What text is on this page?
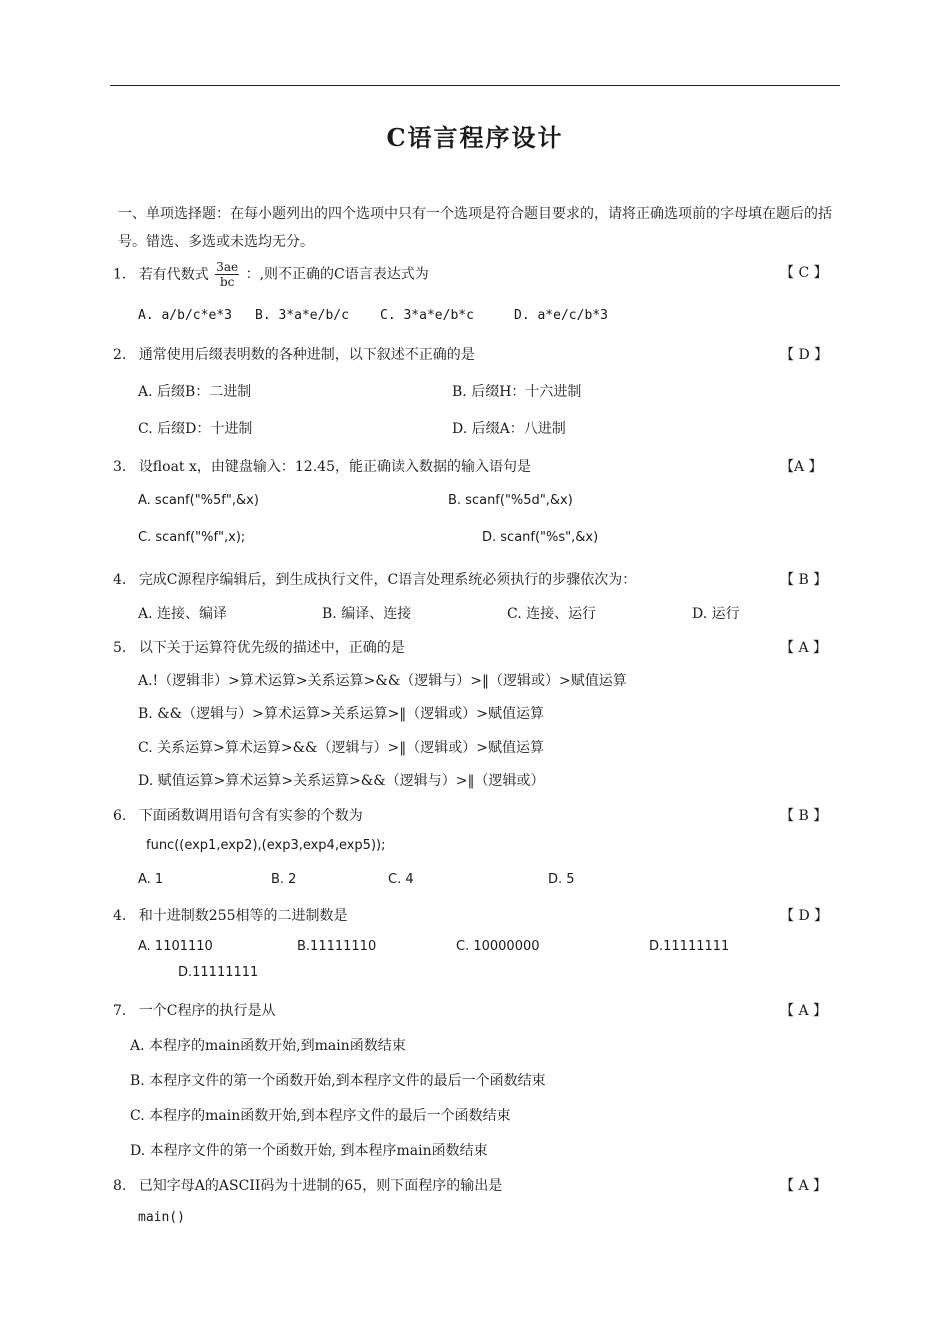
C语言程序设计
一、单项选择题：在每小题列出的四个选项中只有一个选项是符合题目要求的，请将正确选项前的字母填在题后的括号。错选、多选或未选均无分。
1. 若有代数式 $\frac{3ae}{bc}$ ：,则不正确的C语言表达式为	【 C 】
A. a/b/c*e*3 B. 3*a*e/b/c C. 3*a*e/b*c	D. a*e/c/b*3
2. 通常使用后缀表明数的各种进制，以下叙述不正确的是	【 D 】
A. 后缀B：二进制	B. 后缀H：十六进制
C. 后缀D：十进制	D. 后缀A：八进制
3. 设float x，由键盘输入：12.45，能正确读入数据的输入语句是	【A 】
A. scanf("%5f",&x)	B. scanf("%5d",&x)
C. scanf("%f",x);	D. scanf("%s",&x)
4. 完成C源程序编辑后，到生成执行文件，C语言处理系统必须执行的步骤依次为：	【 B 】
A. 连接、编译	B. 编译、连接	C. 连接、运行	D. 运行
5. 以下关于运算符优先级的描述中，正确的是	【 A 】
A.!（逻辑非）>算术运算>关系运算>&&（逻辑与）>‖（逻辑或）>赋值运算
B. &&（逻辑与）>算术运算>关系运算>‖（逻辑或）>赋值运算
C. 关系运算>算术运算>&&（逻辑与）>‖（逻辑或）>赋值运算
D. 赋值运算>算术运算>关系运算>&&（逻辑与）>‖（逻辑或）
6. 下面函数调用语句含有实参的个数为	【 B 】
func((exp1,exp2),(exp3,exp4,exp5));
A. 1	B. 2	C. 4	D. 5
4. 和十进制数255相等的二进制数是	【 D 】
A. 1101110	B.11111110	C. 10000000	D.11111111
D.11111111
7. 一个C程序的执行是从	【 A 】
A. 本程序的main函数开始,到main函数结束
B. 本程序文件的第一个函数开始,到本程序文件的最后一个函数结束
C. 本程序的main函数开始,到本程序文件的最后一个函数结束
D. 本程序文件的第一个函数开始, 到本程序main函数结束
8. 已知字母A的ASCII码为十进制的65，则下面程序的输出是	【 A 】
main()
